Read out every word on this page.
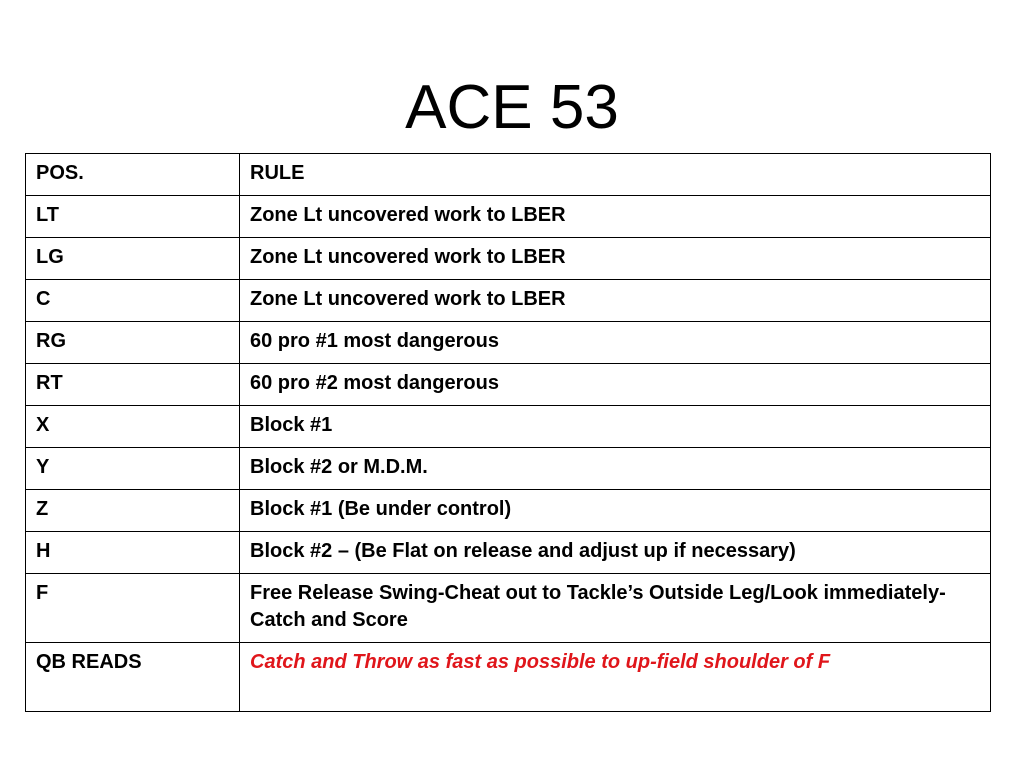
ACE 53
POS.	RULE
LT	Zone Lt uncovered work to LBER
LG	Zone Lt uncovered work to LBER
C	Zone Lt uncovered work to LBER
RG	60 pro #1 most dangerous
RT	60 pro #2 most dangerous
X	Block #1
Y	Block #2 or M.D.M.
Z	Block #1 (Be under control)
H	Block #2 – (Be Flat on release and adjust up if necessary)
F	Free Release Swing-Cheat out to Tackle’s Outside Leg/Look immediately-Catch and Score
QB READS	Catch and Throw as fast as possible to up-field shoulder of F
